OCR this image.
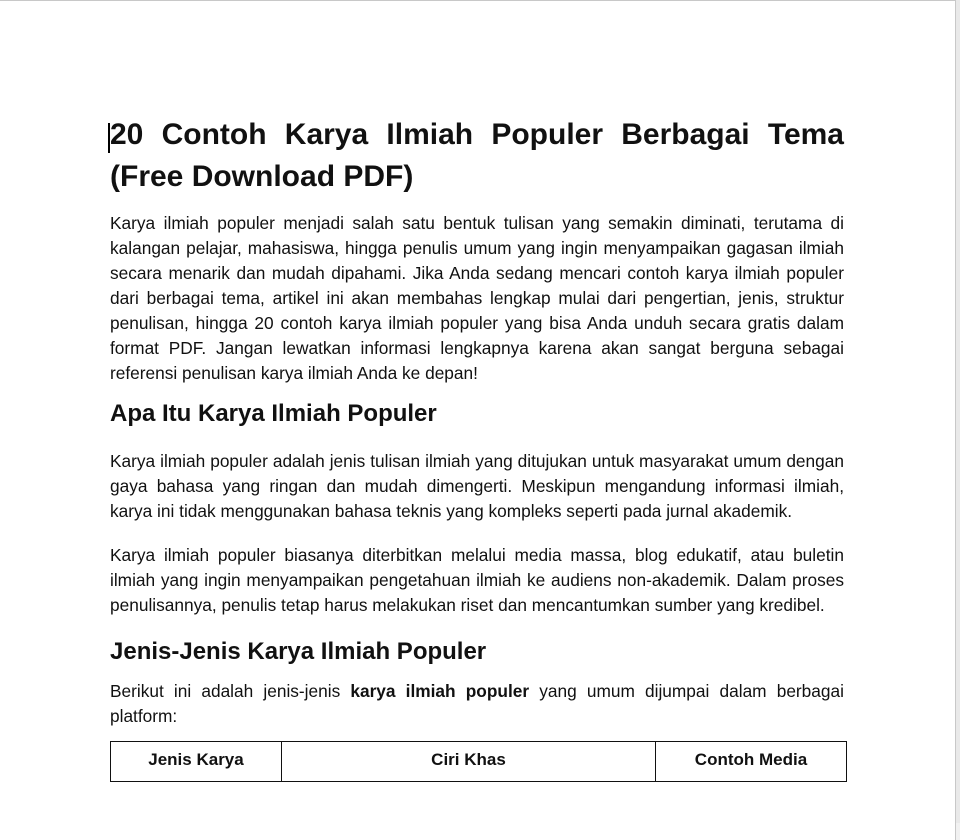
20 Contoh Karya Ilmiah Populer Berbagai Tema (Free Download PDF)

Karya ilmiah populer menjadi salah satu bentuk tulisan yang semakin diminati, terutama di kalangan pelajar, mahasiswa, hingga penulis umum yang ingin menyampaikan gagasan ilmiah secara menarik dan mudah dipahami. Jika Anda sedang mencari contoh karya ilmiah populer dari berbagai tema, artikel ini akan membahas lengkap mulai dari pengertian, jenis, struktur penulisan, hingga 20 contoh karya ilmiah populer yang bisa Anda unduh secara gratis dalam format PDF. Jangan lewatkan informasi lengkapnya karena akan sangat berguna sebagai referensi penulisan karya ilmiah Anda ke depan!

Apa Itu Karya Ilmiah Populer

Karya ilmiah populer adalah jenis tulisan ilmiah yang ditujukan untuk masyarakat umum dengan gaya bahasa yang ringan dan mudah dimengerti. Meskipun mengandung informasi ilmiah, karya ini tidak menggunakan bahasa teknis yang kompleks seperti pada jurnal akademik.

Karya ilmiah populer biasanya diterbitkan melalui media massa, blog edukatif, atau buletin ilmiah yang ingin menyampaikan pengetahuan ilmiah ke audiens non-akademik. Dalam proses penulisannya, penulis tetap harus melakukan riset dan mencantumkan sumber yang kredibel.

Jenis-Jenis Karya Ilmiah Populer

Berikut ini adalah jenis-jenis karya ilmiah populer yang umum dijumpai dalam berbagai platform:

Jenis Karya	Ciri Khas	Contoh Media
